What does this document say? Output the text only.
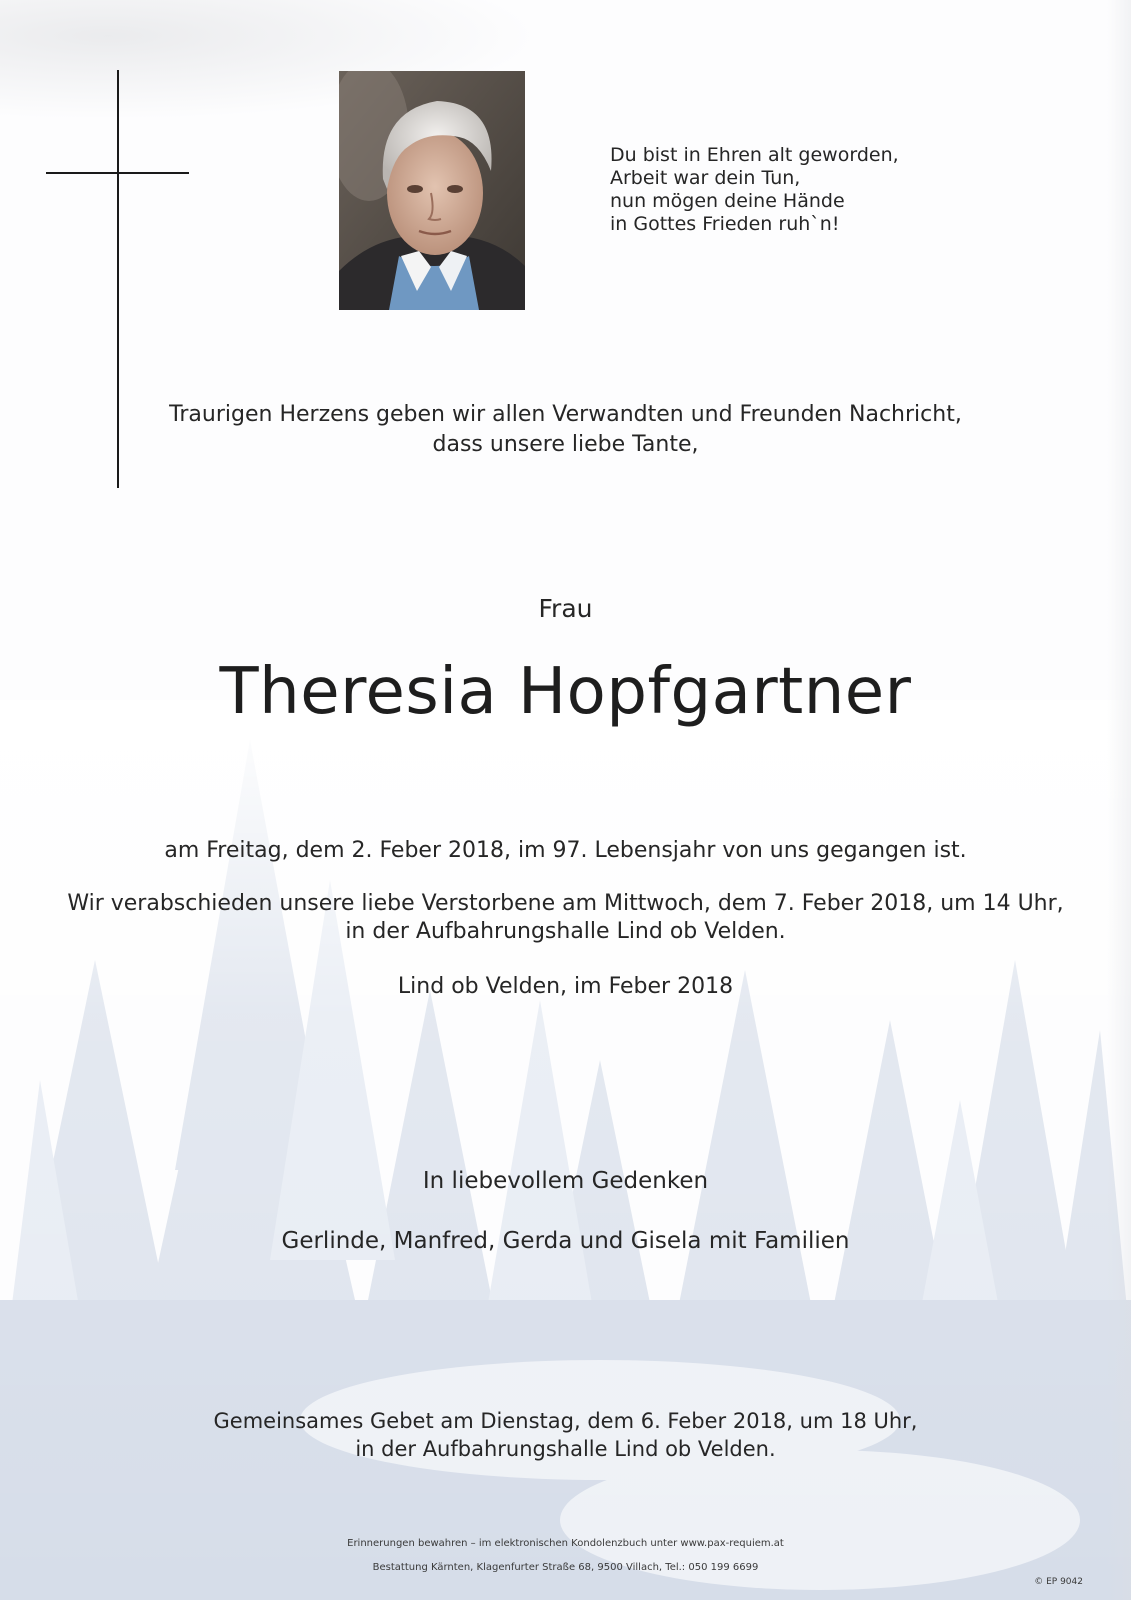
Du bist in Ehren alt geworden,
Arbeit war dein Tun,
nun mögen deine Hände
in Gottes Frieden ruh`n!
Traurigen Herzens geben wir allen Verwandten und Freunden Nachricht,
dass unsere liebe Tante,
Frau
Theresia Hopfgartner
am Freitag, dem 2. Feber 2018, im 97. Lebensjahr von uns gegangen ist.
Wir verabschieden unsere liebe Verstorbene am Mittwoch, dem 7. Feber 2018, um 14 Uhr,
in der Aufbahrungshalle Lind ob Velden.
Lind ob Velden, im Feber 2018
In liebevollem Gedenken
Gerlinde, Manfred, Gerda und Gisela mit Familien
Gemeinsames Gebet am Dienstag, dem 6. Feber 2018, um 18 Uhr,
in der Aufbahrungshalle Lind ob Velden.
Erinnerungen bewahren – im elektronischen Kondolenzbuch unter www.pax-requiem.at
Bestattung Kärnten, Klagenfurter Straße 68, 9500 Villach, Tel.: 050 199 6699
© EP 9042
